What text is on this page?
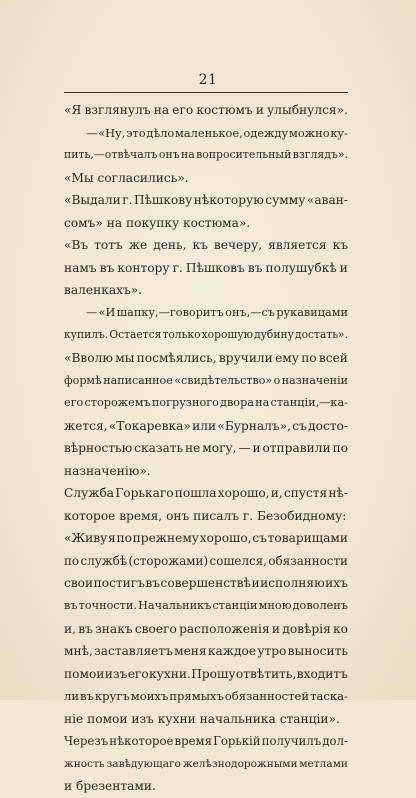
21
«Я взглянулъ на его костюмъ и улыбнулся».
— «Ну, это дѣло маленькое, одежду можно ку-
пить,—отвѣчалъ онъ на вопросительный взглядъ».
«Мы согласились».
«Выдали г. Пѣшкову нѣкоторую сумму «аван-
сомъ» на покупку костюма».
«Въ тотъ же день, къ вечеру, является къ
намъ въ контору г. Пѣшковъ въ полушубкѣ и
валенкахъ».
— «И шапку,—говоритъ онъ,—съ рукавицами
купилъ. Остается только хорошую дубину достать».
«Вволю мы посмѣялись, вручили ему по всей
формѣ написанное «свидѣтельство» о назначеніи
его сторожемъ погрузного двора на станціи,—ка-
жется, «Токаревка» или «Бурналъ», съ досто-
вѣрностью сказать не могу, — и отправили по
назначенію».
Служба Горькаго пошла хорошо, и, спустя нѣ-
которое время, онъ писалъ г. Безобидному:
«Живу я по прежнему хорошо, съ товарищами
по службѣ (сторожами) сошелся, обязанности
свои постигъ въ совершенствѣ и исполняю ихъ
въ точности. Начальникъ станціи мною доволенъ
и, въ знакъ своего расположенія и довѣрія ко
мнѣ, заставляетъ меня каждое утро выносить
помои изъ его кухни. Прошу отвѣтить, входитъ
ли въ кругъ моихъ прямыхъ обязанностей таска-
ніе помои изъ кухни начальника станціи».
Черезъ нѣкоторое время Горькій получилъ дол-
жность завѣдующаго желѣзнодорожными метлами
и брезентами.
